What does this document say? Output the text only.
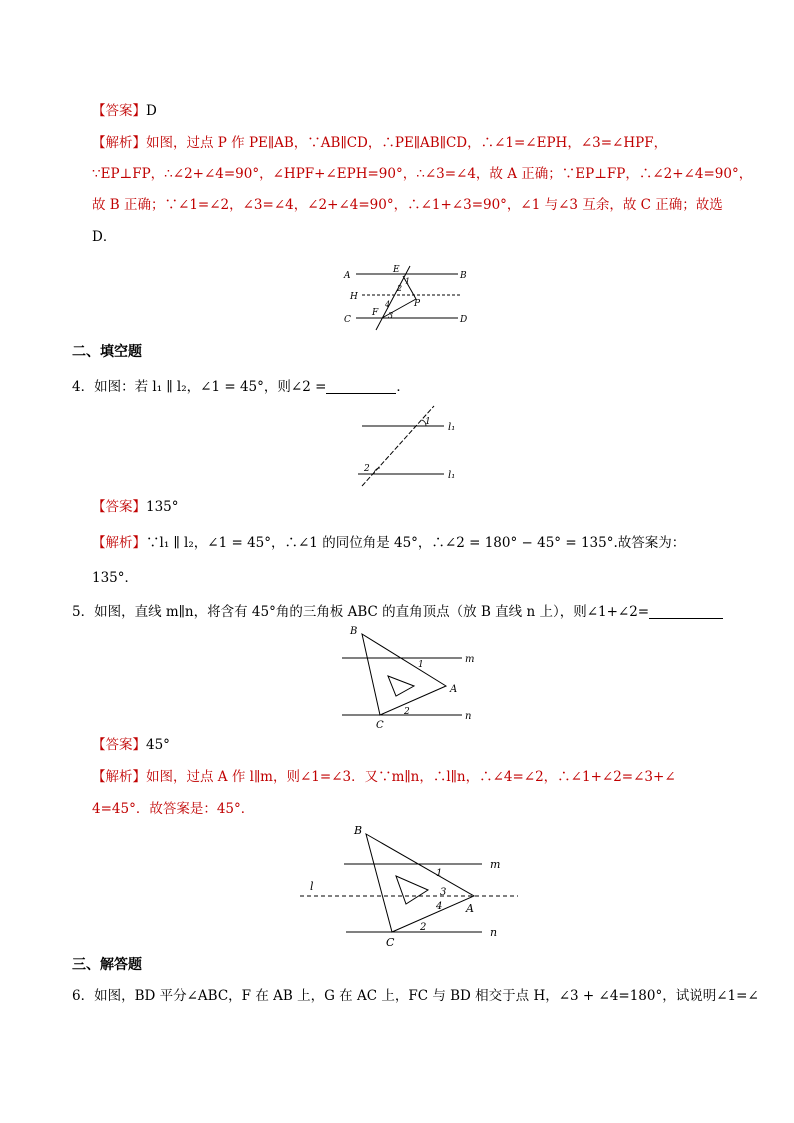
【答案】D
【解析】如图，过点 P 作 PE∥AB，∵AB∥CD，∴PE∥AB∥CD，∴∠1=∠EPH，∠3=∠HPF，
∵EP⊥FP，∴∠2+∠4=90°，∠HPF+∠EPH=90°，∴∠3=∠4，故 A 正确；∵EP⊥FP，∴∠2+∠4=90°，
故 B 正确；∵∠1=∠2，∠3=∠4，∠2+∠4=90°，∴∠1+∠3=90°，∠1 与∠3 互余，故 C 正确；故选
D．
A	B
H
C	D
E
F
P
1
2
3
4
二、填空题
4．如图：若 l₁ ∥ l₂，∠1 = 45°，则∠2 =	．
1
2
l₁
l₁
【答案】135°
【解析】∵l₁ ∥ l₂，∠1 = 45°，∴∠1 的同位角是 45°，∴∠2 = 180° − 45° = 135°.故答案为：
135°．
5．如图，直线 m∥n，将含有 45°角的三角板 ABC 的直角顶点（放 B 直线 n 上），则∠1+∠2=
B
A
C
m
n
1
2
【答案】45°
【解析】如图，过点 A 作 l∥m，则∠1=∠3．又∵m∥n，∴l∥n，∴∠4=∠2，∴∠1+∠2=∠3+∠
4=45°．故答案是：45°．
B
A
C
m
n
l
1
3
4
2
三、解答题
6．如图，BD 平分∠ABC，F 在 AB 上，G 在 AC 上，FC 与 BD 相交于点 H，∠3 + ∠4=180°，试说明∠1=∠
